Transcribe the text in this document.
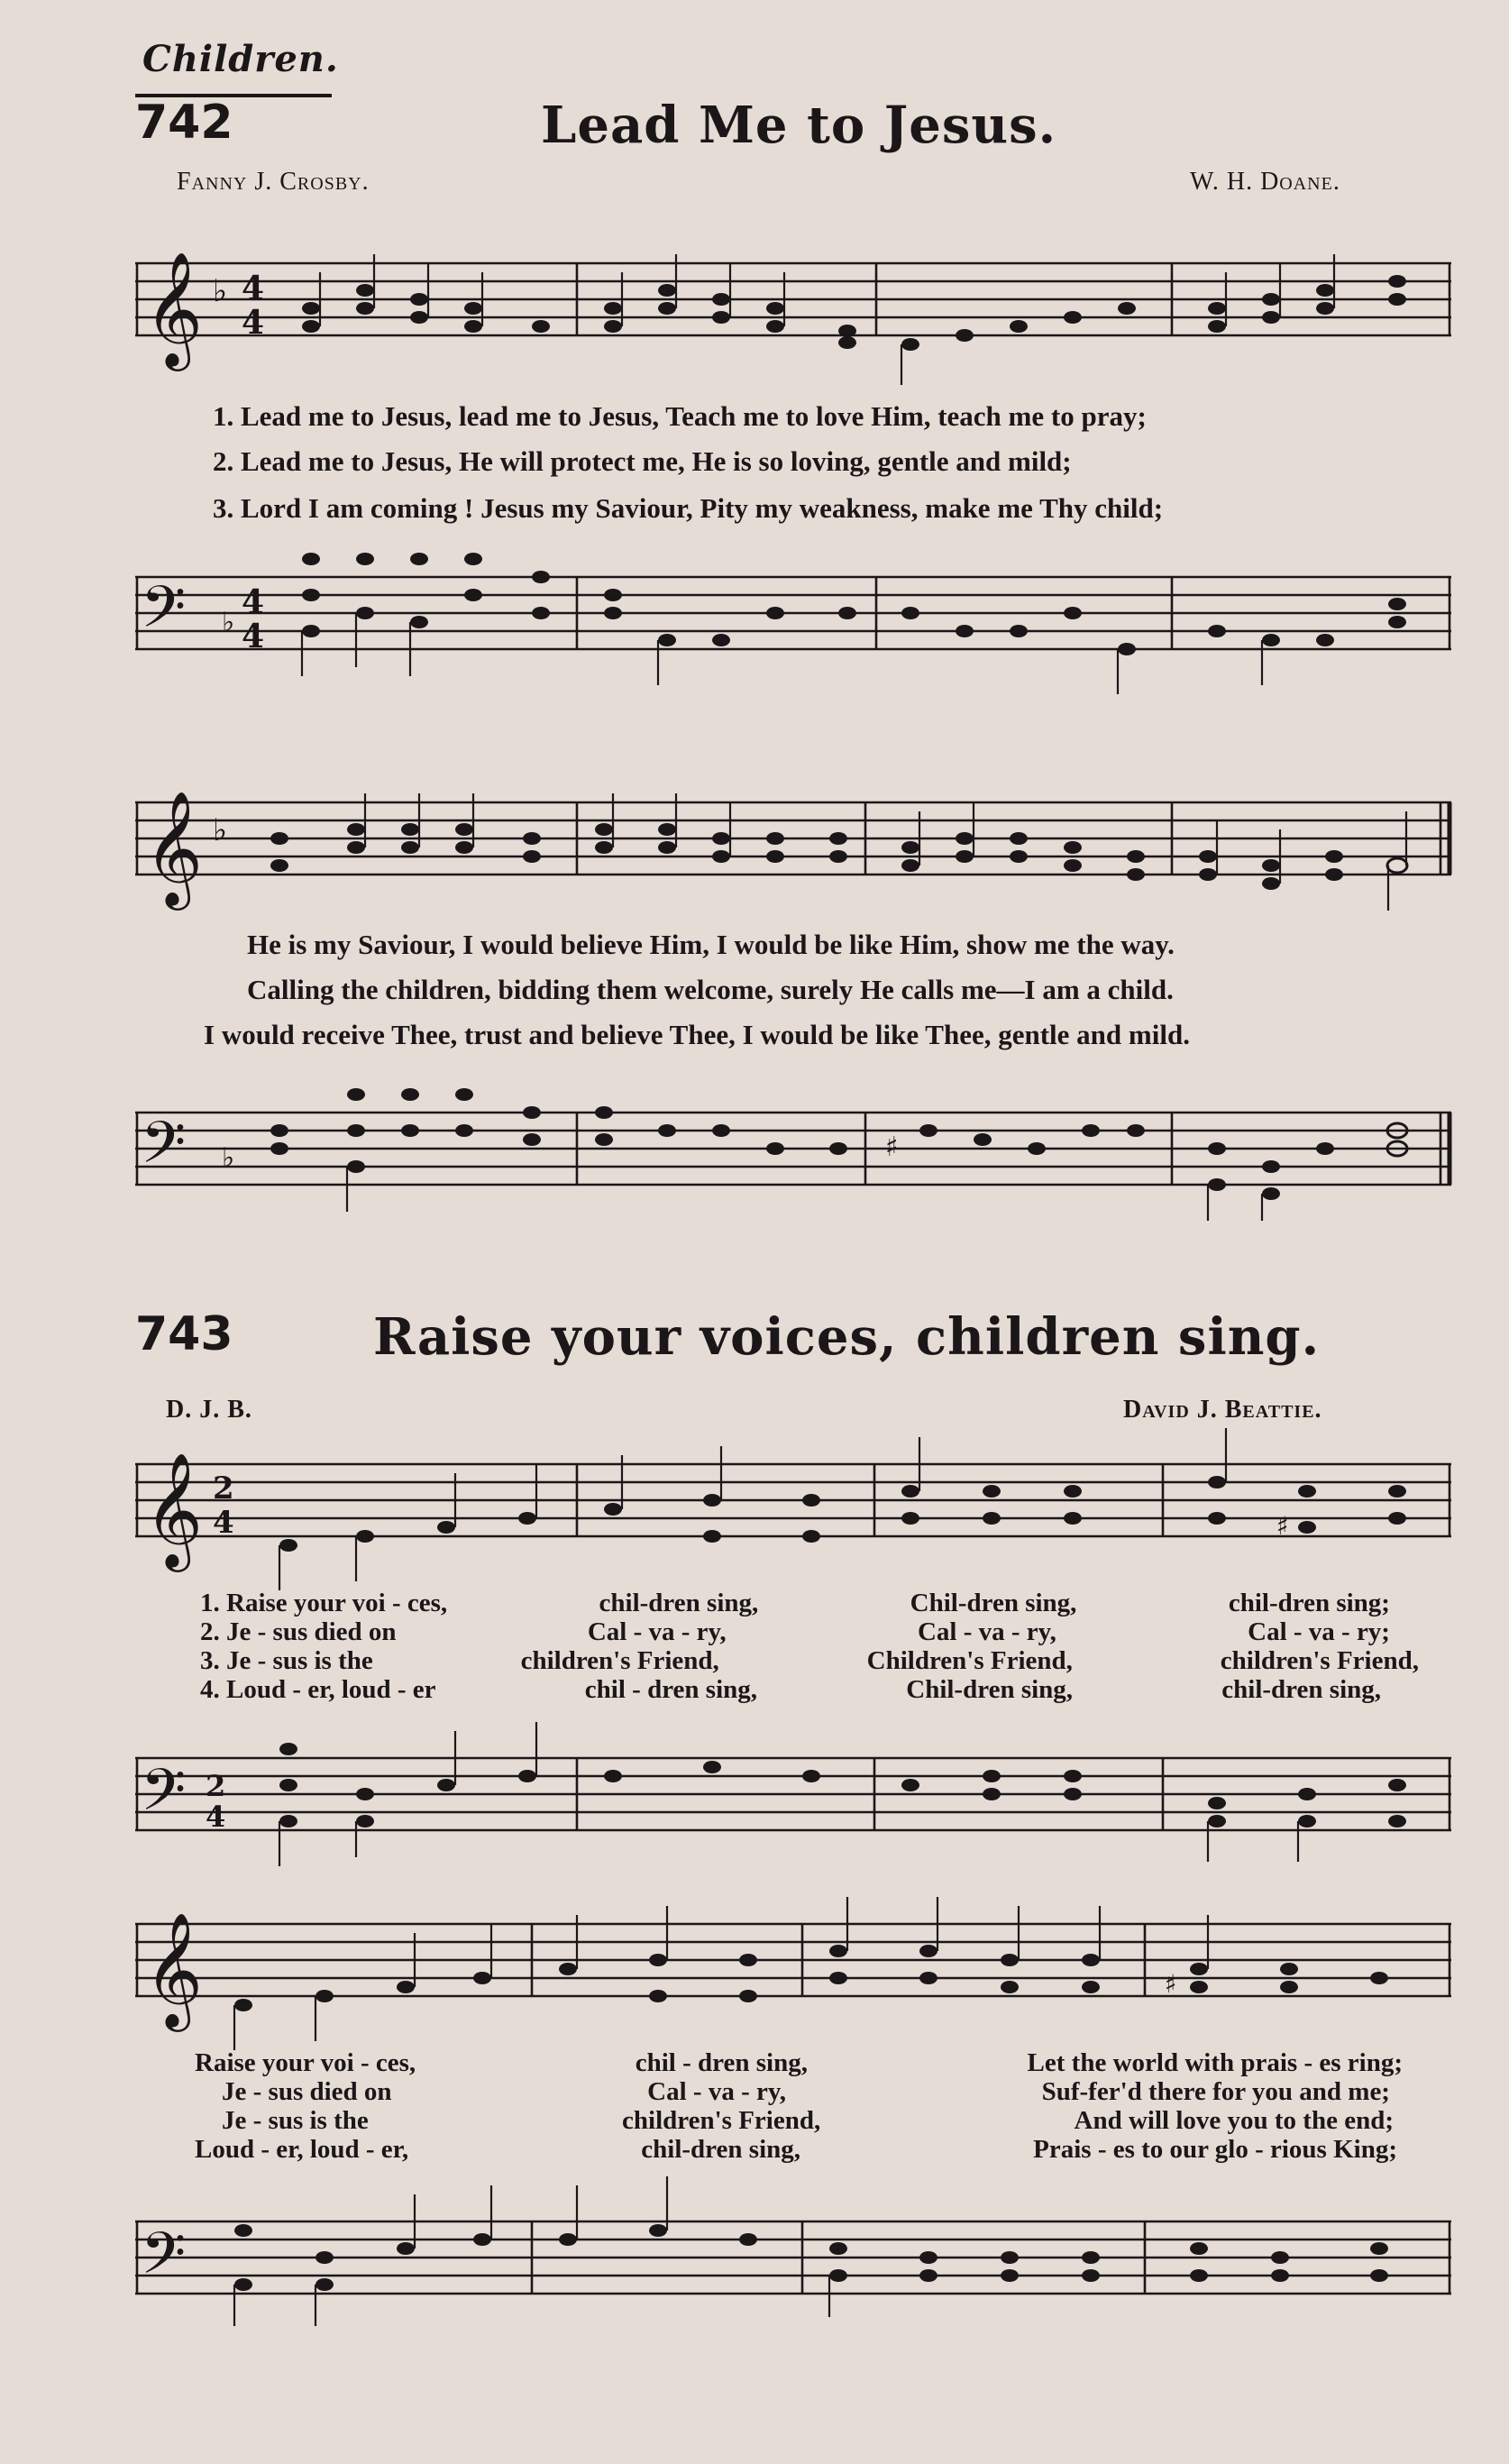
Children.
742	Lead Me to Jesus.
Fanny J. Crosby.	W. H. Doane.
𝄞 ♭ 4
4
1. Lead me to Jesus, lead me to Jesus, Teach me to love Him, teach me to pray;
2. Lead me to Jesus, He will protect me, He is so loving, gentle and mild;
3. Lord I am coming ! Jesus my Saviour, Pity my weakness, make me Thy child;
𝄢 4
4
♭
𝄞 ♭
He is my Saviour, I would believe Him, I would be like Him, show me the way.
Calling the children, bidding them welcome, surely He calls me—I am a child.
I would receive Thee, trust and believe Thee, I would be like Thee, gentle and mild.
𝄢 ♭	♯
743	Raise your voices, children sing.
D. J. B.	David J. Beattie.
𝄞 2
4	♯
1. Raise your voi - ces,	chil-dren sing,	Chil-dren sing,	chil-dren sing;
2. Je - sus died on	Cal - va - ry,	Cal - va - ry,	Cal - va - ry;
3. Je - sus is the	children's Friend,	Children's Friend,	children's Friend,
4. Loud - er, loud - er	chil - dren sing,	Chil-dren sing,	chil-dren sing,
𝄢 2
4
𝄞	♯
Raise your voi - ces,	chil - dren sing,	Let the world with prais - es ring;
Je - sus died on	Cal - va - ry,	Suf-fer'd there for you and me;
Je - sus is the	children's Friend,	And will love you to the end;
Loud - er, loud - er,	chil-dren sing,	Prais - es to our glo - rious King;
𝄢
